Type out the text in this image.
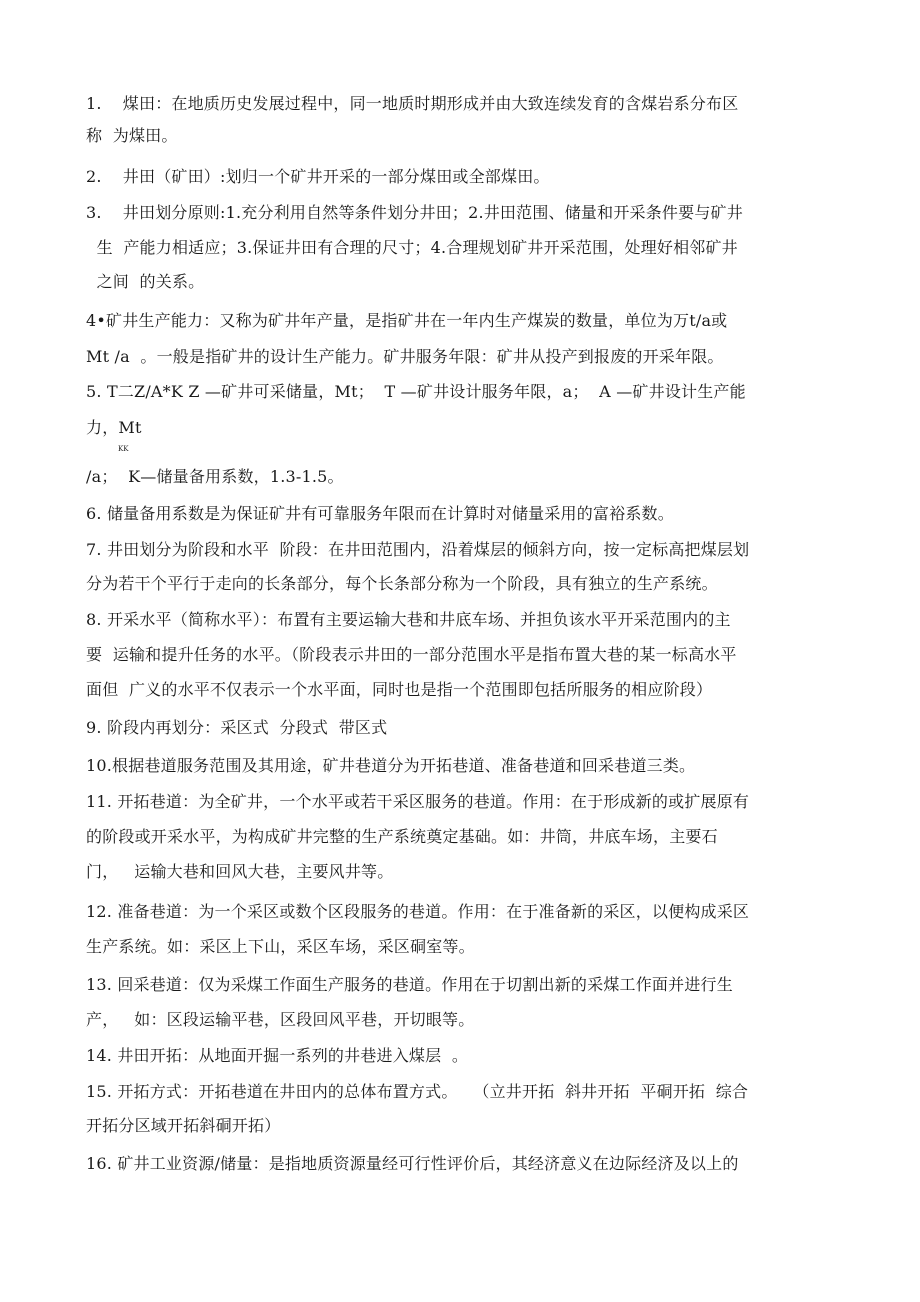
1.    煤田：在地质历史发展过程中，同一地质时期形成并由大致连续发育的含煤岩系分布区
称  为煤田。
2.    井田（矿田）:划归一个矿井开采的一部分煤田或全部煤田。
3.    井田划分原则:1.充分利用自然等条件划分井田；2.井田范围、储量和开采条件要与矿井
生  产能力相适应；3.保证井田有合理的尺寸；4.合理规划矿井开采范围，处理好相邻矿井
之间  的关系。
4•矿井生产能力：又称为矿井年产量，是指矿井在一年内生产煤炭的数量，单位为万t/a或
Mt /a  。一般是指矿井的设计生产能力。矿井服务年限：矿井从投产到报废的开采年限。
5. T二Z/A*K Z —矿井可采储量，Mt；  T —矿井设计服务年限，a；  A —矿井设计生产能
力，Mt
KK
/a；  K—储量备用系数，1.3-1.5。
6. 储量备用系数是为保证矿井有可靠服务年限而在计算时对储量采用的富裕系数。
7. 井田划分为阶段和水平  阶段：在井田范围内，沿着煤层的倾斜方向，按一定标高把煤层划
分为若干个平行于走向的长条部分，每个长条部分称为一个阶段，具有独立的生产系统。
8. 开采水平（简称水平）：布置有主要运输大巷和井底车场、并担负该水平开采范围内的主
要  运输和提升任务的水平。（阶段表示井田的一部分范围水平是指布置大巷的某一标高水平
面但  广义的水平不仅表示一个水平面，同时也是指一个范围即包括所服务的相应阶段）
9. 阶段内再划分：采区式  分段式  带区式
10.根据巷道服务范围及其用途，矿井巷道分为开拓巷道、准备巷道和回采巷道三类。
11. 开拓巷道：为全矿井，一个水平或若干采区服务的巷道。作用：在于形成新的或扩展原有
的阶段或开采水平，为构成矿井完整的生产系统奠定基础。如：井筒，井底车场，主要石
门，   运输大巷和回风大巷，主要风井等。
12. 准备巷道：为一个采区或数个区段服务的巷道。作用：在于准备新的采区，以便构成采区
生产系统。如：采区上下山，采区车场，采区硐室等。
13. 回采巷道：仅为采煤工作面生产服务的巷道。作用在于切割出新的采煤工作面并进行生
产，   如：区段运输平巷，区段回风平巷，开切眼等。
14. 井田开拓：从地面开掘一系列的井巷进入煤层  。
15. 开拓方式：开拓巷道在井田内的总体布置方式。   （立井开拓  斜井开拓  平硐开拓  综合
开拓分区域开拓斜硐开拓）
16. 矿井工业资源/储量：是指地质资源量经可行性评价后，其经济意义在边际经济及以上的
